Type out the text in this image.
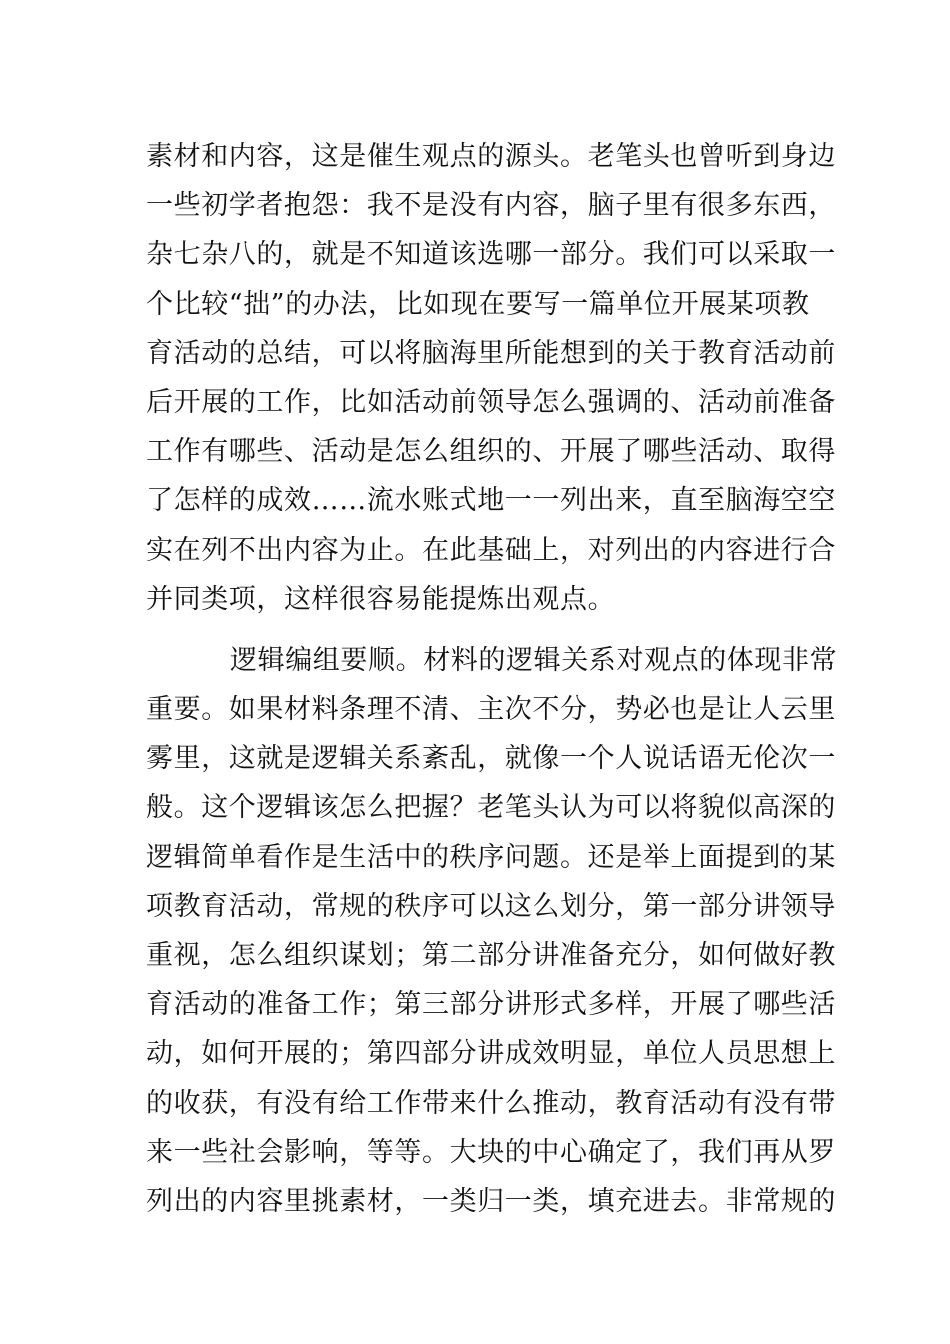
素材和内容，这是催生观点的源头。老笔头也曾听到身边
一些初学者抱怨：我不是没有内容，脑子里有很多东西，
杂七杂八的，就是不知道该选哪一部分。我们可以采取一
个比较“拙”的办法，比如现在要写一篇单位开展某项教
育活动的总结，可以将脑海里所能想到的关于教育活动前
后开展的工作，比如活动前领导怎么强调的、活动前准备
工作有哪些、活动是怎么组织的、开展了哪些活动、取得
了怎样的成效……流水账式地一一列出来，直至脑海空空
实在列不出内容为止。在此基础上，对列出的内容进行合
并同类项，这样很容易能提炼出观点。
逻辑编组要顺。材料的逻辑关系对观点的体现非常
重要。如果材料条理不清、主次不分，势必也是让人云里
雾里，这就是逻辑关系紊乱，就像一个人说话语无伦次一
般。这个逻辑该怎么把握？老笔头认为可以将貌似高深的
逻辑简单看作是生活中的秩序问题。还是举上面提到的某
项教育活动，常规的秩序可以这么划分，第一部分讲领导
重视，怎么组织谋划；第二部分讲准备充分，如何做好教
育活动的准备工作；第三部分讲形式多样，开展了哪些活
动，如何开展的；第四部分讲成效明显，单位人员思想上
的收获，有没有给工作带来什么推动，教育活动有没有带
来一些社会影响，等等。大块的中心确定了，我们再从罗
列出的内容里挑素材，一类归一类，填充进去。非常规的
